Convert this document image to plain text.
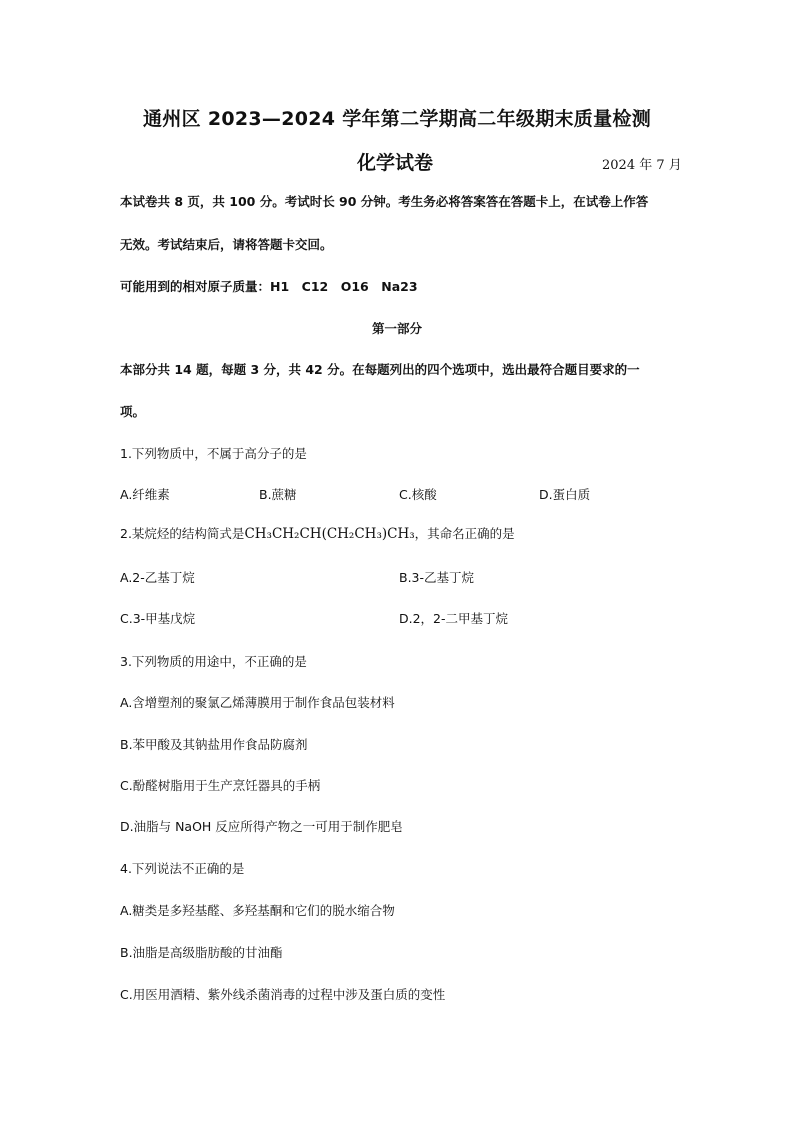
通州区 2023—2024 学年第二学期高二年级期末质量检测
化学试卷	2024 年 7 月
本试卷共 8 页，共 100 分。考试时长 90 分钟。考生务必将答案答在答题卡上，在试卷上作答
无效。考试结束后，请将答题卡交回。
可能用到的相对原子质量：H1　C12　O16　Na23
第一部分
本部分共 14 题，每题 3 分，共 42 分。在每题列出的四个选项中，选出最符合题目要求的一
项。
1.下列物质中，不属于高分子的是
A.纤维素	B.蔗糖	C.核酸	D.蛋白质
2.某烷烃的结构简式是CH₃CH₂CH(CH₂CH₃)CH₃，其命名正确的是
A.2-乙基丁烷	B.3-乙基丁烷
C.3-甲基戊烷	D.2，2-二甲基丁烷
3.下列物质的用途中，不正确的是
A.含增塑剂的聚氯乙烯薄膜用于制作食品包装材料
B.苯甲酸及其钠盐用作食品防腐剂
C.酚醛树脂用于生产烹饪器具的手柄
D.油脂与 NaOH 反应所得产物之一可用于制作肥皂
4.下列说法不正确的是
A.糖类是多羟基醛、多羟基酮和它们的脱水缩合物
B.油脂是高级脂肪酸的甘油酯
C.用医用酒精、紫外线杀菌消毒的过程中涉及蛋白质的变性
